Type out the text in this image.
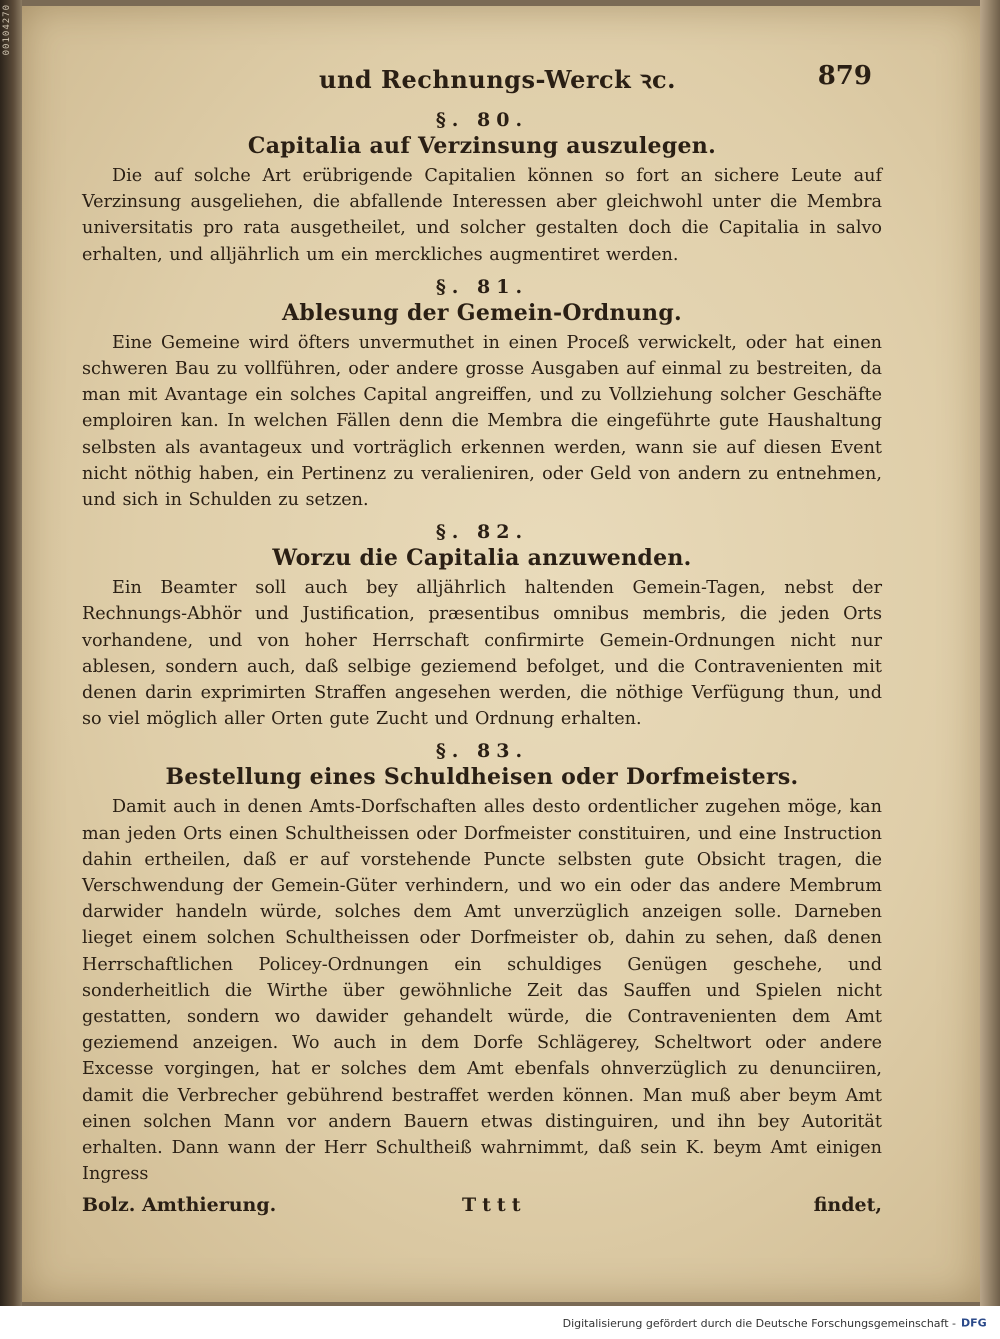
00104270
und Rechnungs-Werck ꝛc.	879
§. 80.
Capitalia auf Verzinsung auszulegen.

Die auf solche Art erübrigende Capitalien können so fort an sichere Leute auf Verzinsung ausgeliehen, die abfallende Interessen aber gleichwohl unter die Membra universitatis pro rata ausgetheilet, und solcher gestalten doch die Capitalia in salvo erhalten, und alljährlich um ein merckliches augmentiret werden.

§. 81.
Ablesung der Gemein-Ordnung.

Eine Gemeine wird öfters unvermuthet in einen Proceß verwickelt, oder hat einen schweren Bau zu vollführen, oder andere grosse Ausgaben auf einmal zu bestreiten, da man mit Avantage ein solches Capital angreiffen, und zu Vollziehung solcher Geschäfte emploiren kan. In welchen Fällen denn die Membra die eingeführte gute Haushaltung selbsten als avantageux und vorträglich erkennen werden, wann sie auf diesen Event nicht nöthig haben, ein Pertinenz zu veralieniren, oder Geld von andern zu entnehmen, und sich in Schulden zu setzen.

§. 82.
Worzu die Capitalia anzuwenden.

Ein Beamter soll auch bey alljährlich haltenden Gemein-Tagen, nebst der Rechnungs-Abhör und Justification, præsentibus omnibus membris, die jeden Orts vorhandene, und von hoher Herrschaft confirmirte Gemein-Ordnungen nicht nur ablesen, sondern auch, daß selbige geziemend befolget, und die Contravenienten mit denen darin exprimirten Straffen angesehen werden, die nöthige Verfügung thun, und so viel möglich aller Orten gute Zucht und Ordnung erhalten.

§. 83.
Bestellung eines Schuldheisen oder Dorfmeisters.

Damit auch in denen Amts-Dorfschaften alles desto ordentlicher zugehen möge, kan man jeden Orts einen Schultheissen oder Dorfmeister constituiren, und eine Instruction dahin ertheilen, daß er auf vorstehende Puncte selbsten gute Obsicht tragen, die Verschwendung der Gemein-Güter verhindern, und wo ein oder das andere Membrum darwider handeln würde, solches dem Amt unverzüglich anzeigen solle. Darneben lieget einem solchen Schultheissen oder Dorfmeister ob, dahin zu sehen, daß denen Herrschaftlichen Policey-Ordnungen ein schuldiges Genügen geschehe, und sonderheitlich die Wirthe über gewöhnliche Zeit das Sauffen und Spielen nicht gestatten, sondern wo dawider gehandelt würde, die Contravenienten dem Amt geziemend anzeigen. Wo auch in dem Dorfe Schlägerey, Scheltwort oder andere Excesse vorgingen, hat er solches dem Amt ebenfals ohnverzüglich zu denunciiren, damit die Verbrecher gebührend bestraffet werden können. Man muß aber beym Amt einen solchen Mann vor andern Bauern etwas distinguiren, und ihn bey Autorität erhalten. Dann wann der Herr Schultheiß wahrnimmt, daß sein K. beym Amt einigen Ingress

Bolz. Amthierung.	Tttt	findet,
Digitalisierung gefördert durch die Deutsche Forschungsgemeinschaft - DFG
